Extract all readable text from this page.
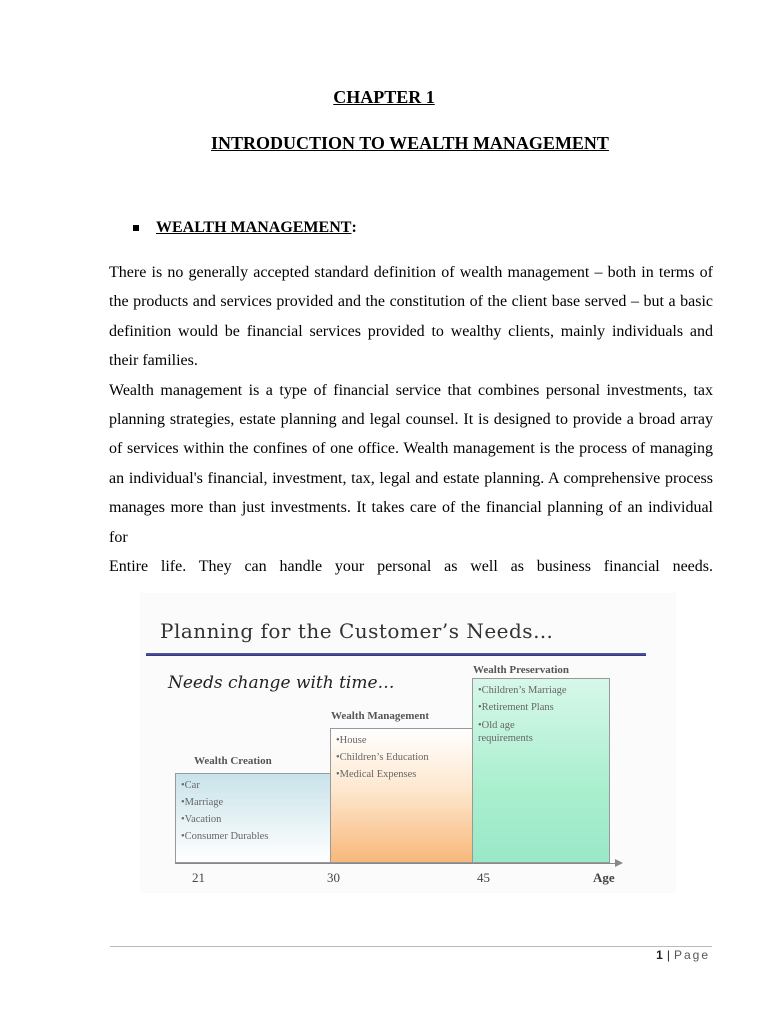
CHAPTER 1
INTRODUCTION TO WEALTH MANAGEMENT
WEALTH MANAGEMENT :

There is no generally accepted standard definition of wealth management – both in terms of the products and services provided and the constitution of the client base served – but a basic definition would be financial services provided to wealthy clients, mainly individuals and their families.

Wealth management is a type of financial service that combines personal investments, tax planning strategies, estate planning and legal counsel. It is designed to provide a broad array of services within the confines of one office. Wealth management is the process of managing an individual's financial, investment, tax, legal and estate planning. A comprehensive process manages more than just investments. It takes care of the financial planning of an individual for
Entire life. They can handle your personal as well as business financial needs.

Planning for the Customer’s Needs…
Needs change with time…
Wealth Creation
•Car
•Marriage
•Vacation
•Consumer Durables
Wealth Management
•House
•Children’s Education
•Medical Expenses
Wealth Preservation
•Children’s Marriage
•Retirement Plans
•Old age
requirements
21	30	45	Age
1 | Page
